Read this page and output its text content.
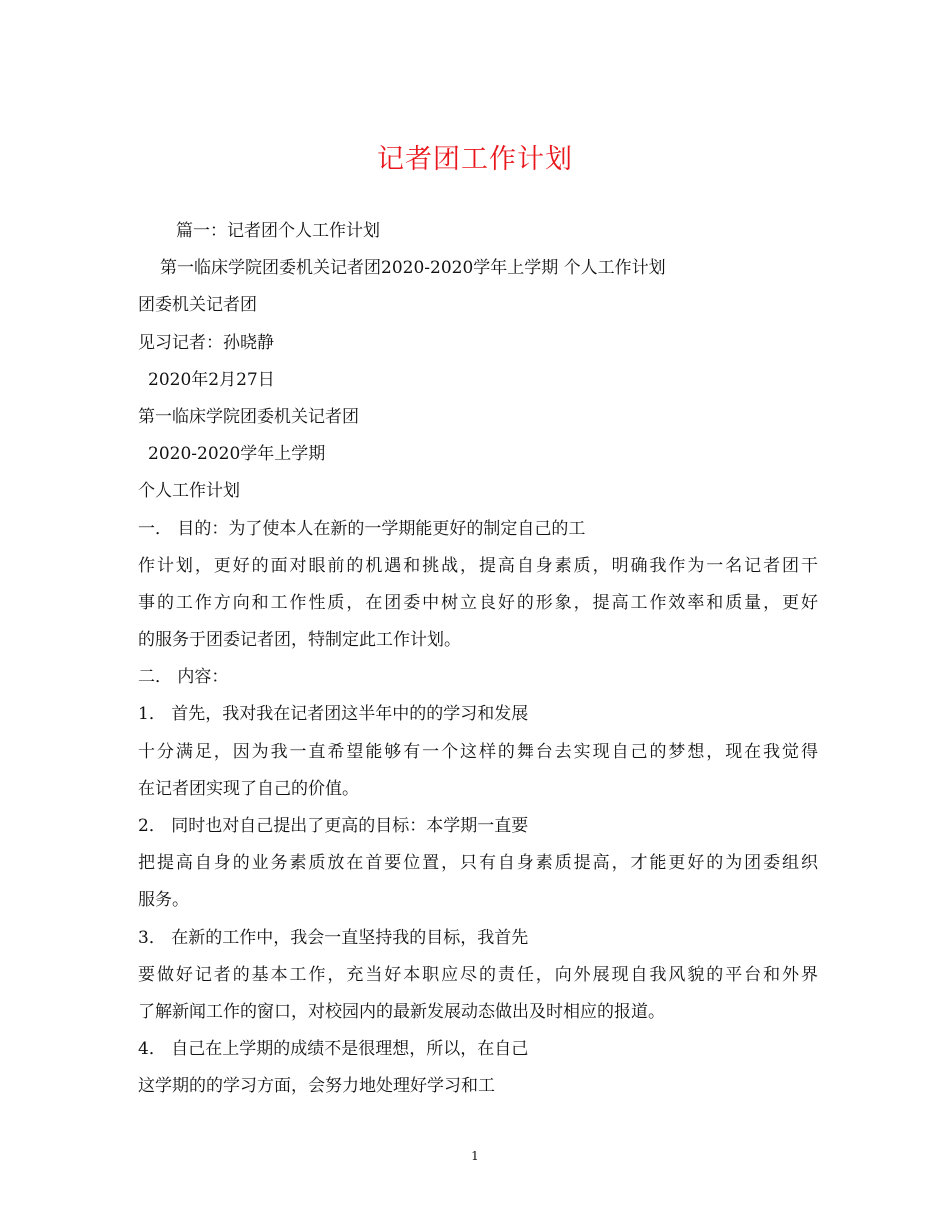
记者团工作计划
篇一：记者团个人工作计划
第一临床学院团委机关记者团2020-2020学年上学期 个人工作计划
团委机关记者团
见习记者：孙晓静
2020年2月27日
第一临床学院团委机关记者团
2020-2020学年上学期
个人工作计划
一． 目的：为了使本人在新的一学期能更好的制定自己的工
作计划，更好的面对眼前的机遇和挑战，提高自身素质，明确我作为一名记者团干
事的工作方向和工作性质，在团委中树立良好的形象，提高工作效率和质量，更好
的服务于团委记者团，特制定此工作计划。
二． 内容：
1． 首先，我对我在记者团这半年中的的学习和发展
十分满足，因为我一直希望能够有一个这样的舞台去实现自己的梦想，现在我觉得
在记者团实现了自己的价值。
2． 同时也对自己提出了更高的目标：本学期一直要
把提高自身的业务素质放在首要位置，只有自身素质提高，才能更好的为团委组织
服务。
3． 在新的工作中，我会一直坚持我的目标，我首先
要做好记者的基本工作，充当好本职应尽的责任，向外展现自我风貌的平台和外界
了解新闻工作的窗口，对校园内的最新发展动态做出及时相应的报道。
4． 自己在上学期的成绩不是很理想，所以，在自己
这学期的的学习方面，会努力地处理好学习和工
1
